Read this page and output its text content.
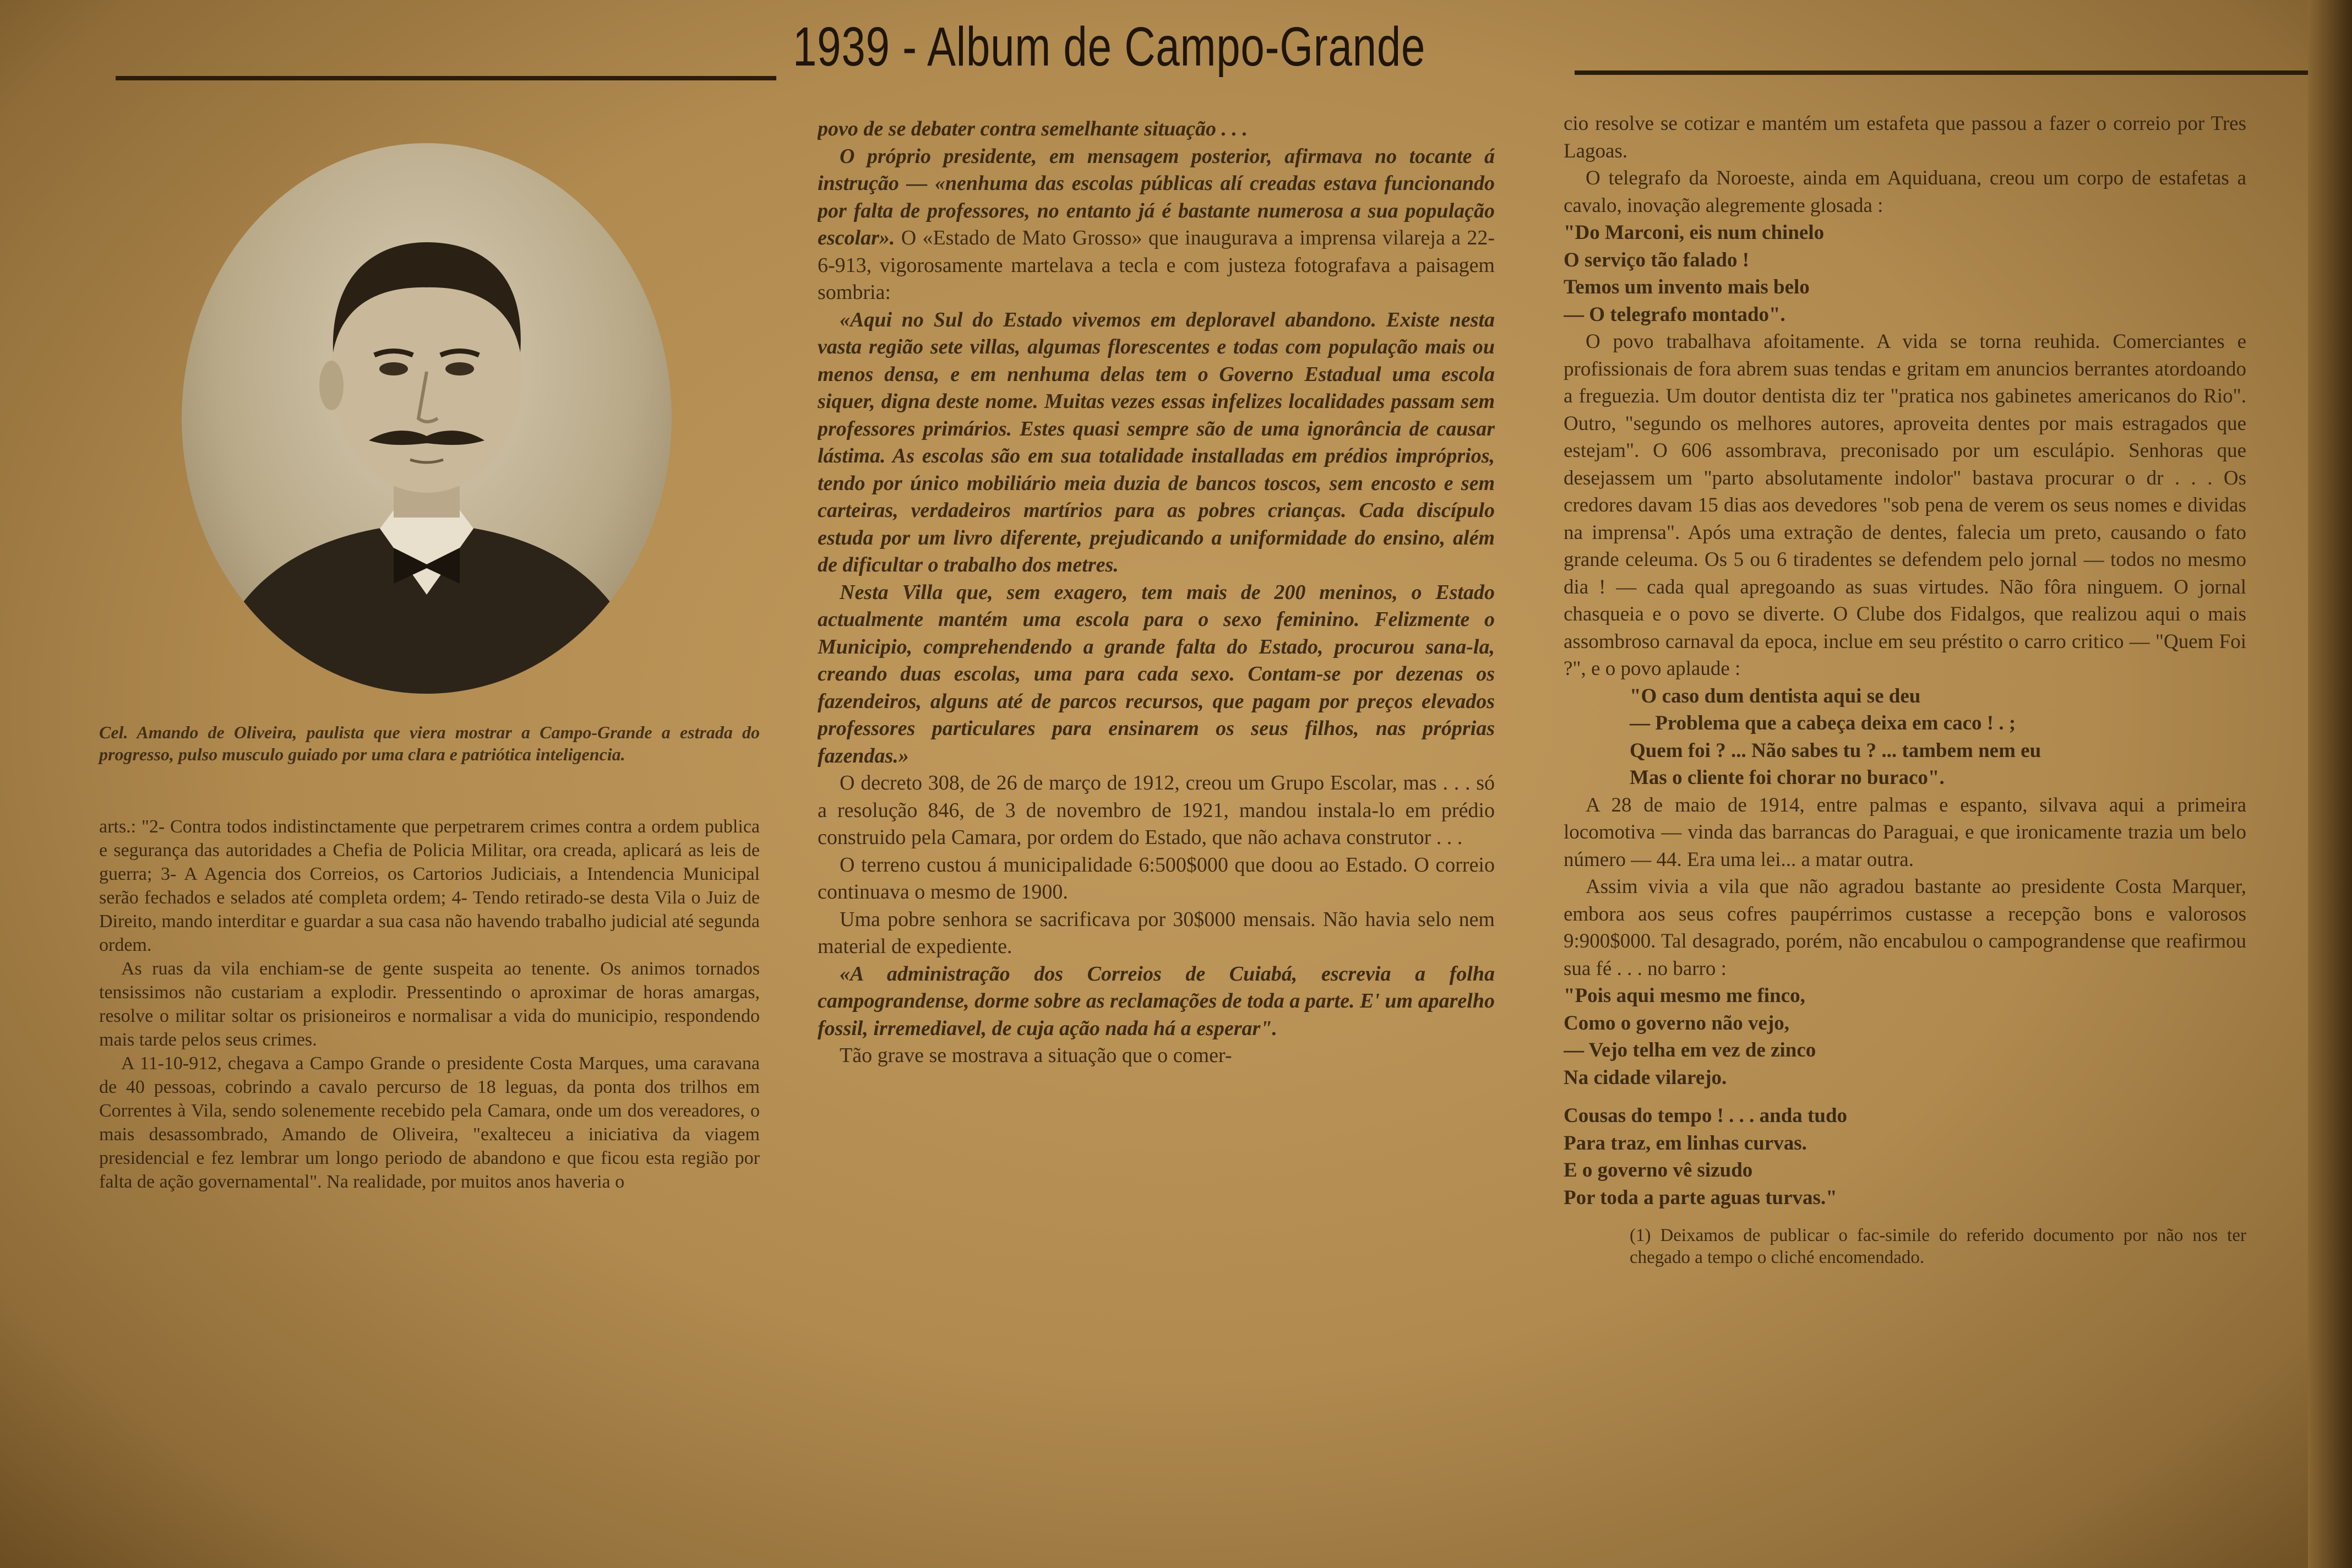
1939 - Album de Campo-Grande
Cel. Amando de Oliveira, paulista que viera mostrar a Campo-Grande a estrada do progresso, pulso musculo guiado por uma clara e patriótica inteligencia.

arts.: "2- Contra todos indistinctamente que perpetrarem crimes contra a ordem publica e segurança das autoridades a Chefia de Policia Militar, ora creada, aplicará as leis de guerra; 3- A Agencia dos Correios, os Cartorios Judiciais, a Intendencia Municipal serão fechados e selados até completa ordem; 4- Tendo retirado-se desta Vila o Juiz de Direito, mando interditar e guardar a sua casa não havendo trabalho judicial até segunda ordem.

As ruas da vila enchiam-se de gente suspeita ao tenente. Os animos tornados tensissimos não custariam a explodir. Pressentindo o aproximar de horas amargas, resolve o militar soltar os prisioneiros e normalisar a vida do municipio, respondendo mais tarde pelos seus crimes.

A 11-10-912, chegava a Campo Grande o presidente Costa Marques, uma caravana de 40 pessoas, cobrindo a cavalo percurso de 18 leguas, da ponta dos trilhos em Correntes à Vila, sendo solenemente recebido pela Camara, onde um dos vereadores, o mais desassombrado, Amando de Oliveira, "exalteceu a iniciativa da viagem presidencial e fez lembrar um longo periodo de abandono e que ficou esta região por falta de ação governamental". Na realidade, por muitos anos haveria o

povo de se debater contra semelhante situação . . .

O próprio presidente, em mensagem posterior, afirmava no tocante á instrução — «nenhuma das escolas públicas alí creadas estava funcionando por falta de professores, no entanto já é bastante numerosa a sua população escolar». O «Estado de Mato Grosso» que inaugurava a imprensa vilareja a 22-6-913, vigorosamente martelava a tecla e com justeza fotografava a paisagem sombria:

«Aqui no Sul do Estado vivemos em deploravel abandono. Existe nesta vasta região sete villas, algumas florescentes e todas com população mais ou menos densa, e em nenhuma delas tem o Governo Estadual uma escola siquer, digna deste nome. Muitas vezes essas infelizes localidades passam sem professores primários. Estes quasi sempre são de uma ignorância de causar lástima. As escolas são em sua totalidade installadas em prédios impróprios, tendo por único mobiliário meia duzia de bancos toscos, sem encosto e sem carteiras, verdadeiros martírios para as pobres crianças. Cada discípulo estuda por um livro diferente, prejudicando a uniformidade do ensino, além de dificultar o trabalho dos metres.

Nesta Villa que, sem exagero, tem mais de 200 meninos, o Estado actualmente mantém uma escola para o sexo feminino. Felizmente o Municipio, comprehendendo a grande falta do Estado, procurou sana-la, creando duas escolas, uma para cada sexo. Contam-se por dezenas os fazendeiros, alguns até de parcos recursos, que pagam por preços elevados professores particulares para ensinarem os seus filhos, nas próprias fazendas.»

O decreto 308, de 26 de março de 1912, creou um Grupo Escolar, mas . . . só a resolução 846, de 3 de novembro de 1921, mandou instala-lo em prédio construido pela Camara, por ordem do Estado, que não achava construtor . . .

O terreno custou á municipalidade 6:500$000 que doou ao Estado. O correio continuava o mesmo de 1900.

Uma pobre senhora se sacrificava por 30$000 mensais. Não havia selo nem material de expediente.

«A administração dos Correios de Cuiabá, escrevia a folha campograndense, dorme sobre as reclamações de toda a parte. E' um aparelho fossil, irremediavel, de cuja ação nada há a esperar".

Tão grave se mostrava a situação que o comer-

cio resolve se cotizar e mantém um estafeta que passou a fazer o correio por Tres Lagoas.

O telegrafo da Noroeste, ainda em Aquiduana, creou um corpo de estafetas a cavalo, inovação alegremente glosada :

"Do Marconi, eis num chinelo
O serviço tão falado !
Temos um invento mais belo
— O telegrafo montado".

O povo trabalhava afoitamente. A vida se torna reuhida. Comerciantes e profissionais de fora abrem suas tendas e gritam em anuncios berrantes atordoando a freguezia. Um doutor dentista diz ter "pratica nos gabinetes americanos do Rio". Outro, "segundo os melhores autores, aproveita dentes por mais estragados que estejam". O 606 assombrava, preconisado por um esculápio. Senhoras que desejassem um "parto absolutamente indolor" bastava procurar o dr . . . Os credores davam 15 dias aos devedores "sob pena de verem os seus nomes e dividas na imprensa". Após uma extração de dentes, falecia um preto, causando o fato grande celeuma. Os 5 ou 6 tiradentes se defendem pelo jornal — todos no mesmo dia ! — cada qual apregoando as suas virtudes. Não fôra ninguem. O jornal chasqueia e o povo se diverte. O Clube dos Fidalgos, que realizou aqui o mais assombroso carnaval da epoca, inclue em seu préstito o carro critico — "Quem Foi ?", e o povo aplaude :

"O caso dum dentista aqui se deu
— Problema que a cabeça deixa em caco ! . ;
Quem foi ? ... Não sabes tu ? ... tambem nem eu
Mas o cliente foi chorar no buraco".

A 28 de maio de 1914, entre palmas e espanto, silvava aqui a primeira locomotiva — vinda das barrancas do Paraguai, e que ironicamente trazia um belo número — 44. Era uma lei... a matar outra.

Assim vivia a vila que não agradou bastante ao presidente Costa Marquer, embora aos seus cofres paupérrimos custasse a recepção bons e valorosos 9:900$000. Tal desagrado, porém, não encabulou o campograndense que reafirmou sua fé . . . no barro :

"Pois aqui mesmo me finco,
Como o governo não vejo,
— Vejo telha em vez de zinco
Na cidade vilarejo.

Cousas do tempo ! . . . anda tudo
Para traz, em linhas curvas.
E o governo vê sizudo
Por toda a parte aguas turvas."

(1) Deixamos de publicar o fac-simile do referido documento por não nos ter chegado a tempo o cliché encomendado.
